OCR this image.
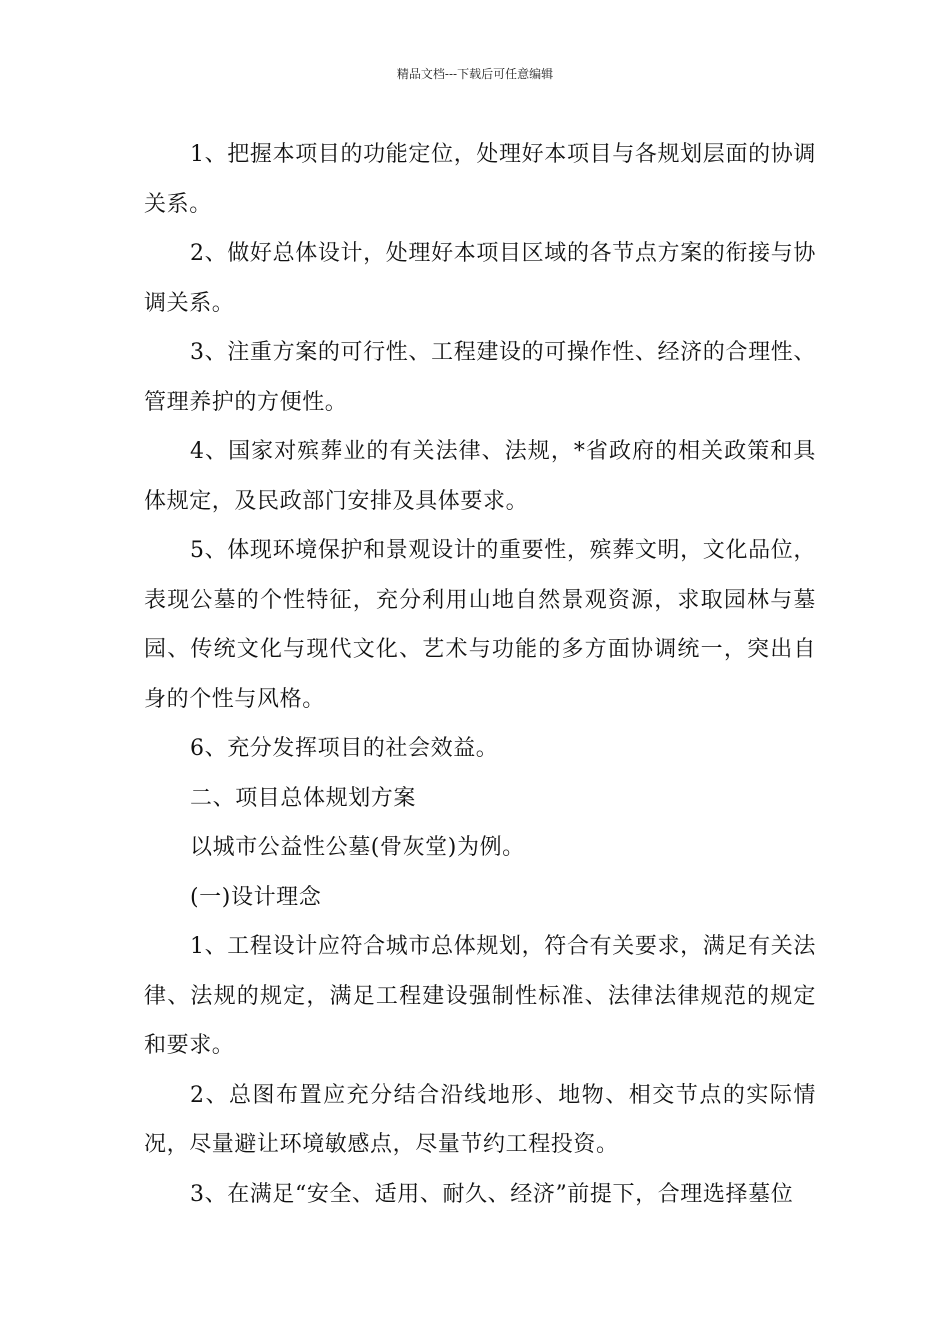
精品文档---下载后可任意编辑

1、把握本项目的功能定位，处理好本项目与各规划层面的协调关系。

2、做好总体设计，处理好本项目区域的各节点方案的衔接与协调关系。

3、注重方案的可行性、工程建设的可操作性、经济的合理性、管理养护的方便性。

4、国家对殡葬业的有关法律、法规，*省政府的相关政策和具体规定，及民政部门安排及具体要求。

5、体现环境保护和景观设计的重要性，殡葬文明，文化品位，表现公墓的个性特征，充分利用山地自然景观资源，求取园林与墓园、传统文化与现代文化、艺术与功能的多方面协调统一，突出自身的个性与风格。

6、充分发挥项目的社会效益。

二、项目总体规划方案

以城市公益性公墓(骨灰堂)为例。

(一)设计理念

1、工程设计应符合城市总体规划，符合有关要求，满足有关法律、法规的规定，满足工程建设强制性标准、法律法律规范的规定和要求。

2、总图布置应充分结合沿线地形、地物、相交节点的实际情况，尽量避让环境敏感点，尽量节约工程投资。

3、在满足“安全、适用、耐久、经济”前提下，合理选择墓位
